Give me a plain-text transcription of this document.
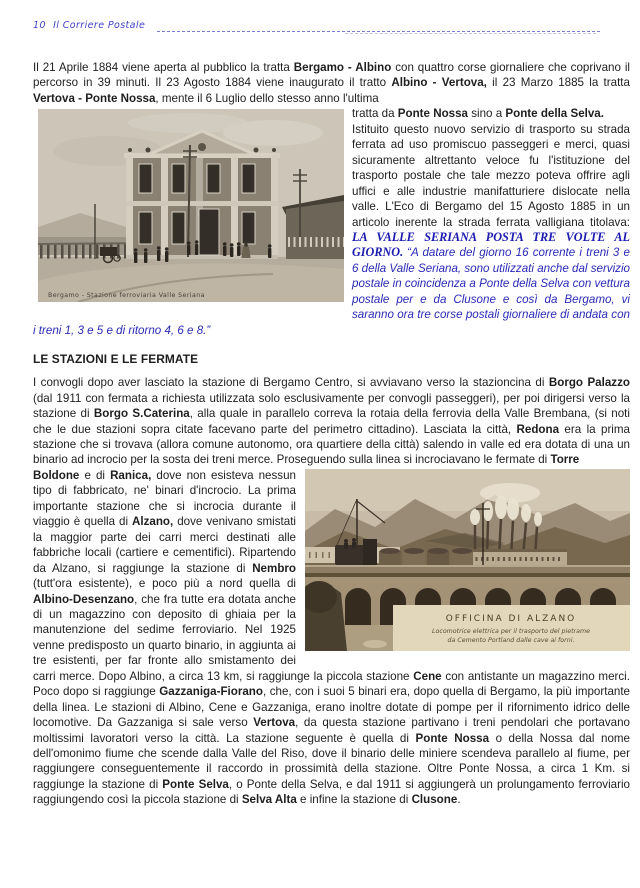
10 Il Corriere Postale

Il 21 Aprile 1884 viene aperta al pubblico la tratta Bergamo - Albino con quattro corse giornaliere che coprivano il percorso in 39 minuti. Il 23 Agosto 1884 viene inaugurato il tratto Albino - Vertova, il 23 Marzo 1885 la tratta Vertova - Ponte Nossa, mente il 6 Luglio dello stesso anno l'ultima

Bergamo - Stazione ferroviaria Valle Seriana

tratta da Ponte Nossa sino a Ponte della Selva.

Istituito questo nuovo servizio di trasporto su strada ferrata ad uso promiscuo passeggeri e merci, quasi sicuramente altrettanto veloce fu l'istituzione del trasporto postale che tale mezzo poteva offrire agli uffici e alle industrie manifatturiere dislocate nella valle. L'Eco di Bergamo del 15 Agosto 1885 in un articolo inerente la strada ferrata valligiana titolava: LA VALLE SERIANA POSTA TRE VOLTE AL GIORNO. “A datare del giorno 16 corrente i treni 3 e 6 della Valle Seriana, sono utilizzati anche dal servizio postale in coincidenza a Ponte della Selva con vettura postale per e da Clusone e così da Bergamo, vi saranno ora tre corse postali giornaliere di andata con i treni 1, 3 e 5 e di ritorno 4, 6 e 8.”

LE STAZIONI E LE FERMATE

I convogli dopo aver lasciato la stazione di Bergamo Centro, si avviavano verso la stazioncina di Borgo Palazzo (dal 1911 con fermata a richiesta utilizzata solo esclusivamente per convogli passeggeri), per poi dirigersi verso la stazione di Borgo S.Caterina, alla quale in parallelo correva la rotaia della ferrovia della Valle Brembana, (si noti che le due stazioni sopra citate facevano parte del perimetro cittadino). Lasciata la città, Redona era la prima stazione che si trovava (allora comune autonomo, ora quartiere della città) salendo in valle ed era dotata di una un binario ad incrocio per la sosta dei treni merce. Proseguendo sulla linea si incrociavano le fermate di Torre

OFFICINA DI ALZANO
Locomotrice elettrica per il trasporto del pietrame
da Cemento Portland dalle cave ai forni.

Boldone e di Ranica, dove non esisteva nessun tipo di fabbricato, ne' binari d'incrocio. La prima importante stazione che si incrocia durante il viaggio è quella di Alzano, dove venivano smistati la maggior parte dei carri merci destinati alle fabbriche locali (cartiere e cementifici). Ripartendo da Alzano, si raggiunge la stazione di Nembro (tutt'ora esistente), e poco più a nord quella di Albino-Desenzano, che fra tutte era dotata anche di un magazzino con deposito di ghiaia per la manutenzione del sedime ferroviario. Nel 1925 venne predisposto un quarto binario, in aggiunta ai tre esistenti, per far fronte allo smistamento dei carri merce. Dopo Albino, a circa 13 km, si raggiunge la piccola stazione Cene con antistante un magazzino merci. Poco dopo si raggiunge Gazzaniga-Fiorano, che, con i suoi 5 binari era, dopo quella di Bergamo, la più importante della linea. Le stazioni di Albino, Cene e Gazzaniga, erano inoltre dotate di pompe per il rifornimento idrico delle locomotive. Da Gazzaniga si sale verso Vertova, da questa stazione partivano i treni pendolari che portavano moltissimi lavoratori verso la città. La stazione seguente è quella di Ponte Nossa o della Nossa dal nome dell'omonimo fiume che scende dalla Valle del Riso, dove il binario delle miniere scendeva parallelo al fiume, per raggiungere conseguentemente il raccordo in prossimità della stazione. Oltre Ponte Nossa, a circa 1 Km. si raggiunge la stazione di Ponte Selva, o Ponte della Selva, e dal 1911 si aggiungerà un prolungamento ferroviario raggiungendo così la piccola stazione di Selva Alta e infine la stazione di Clusone.
